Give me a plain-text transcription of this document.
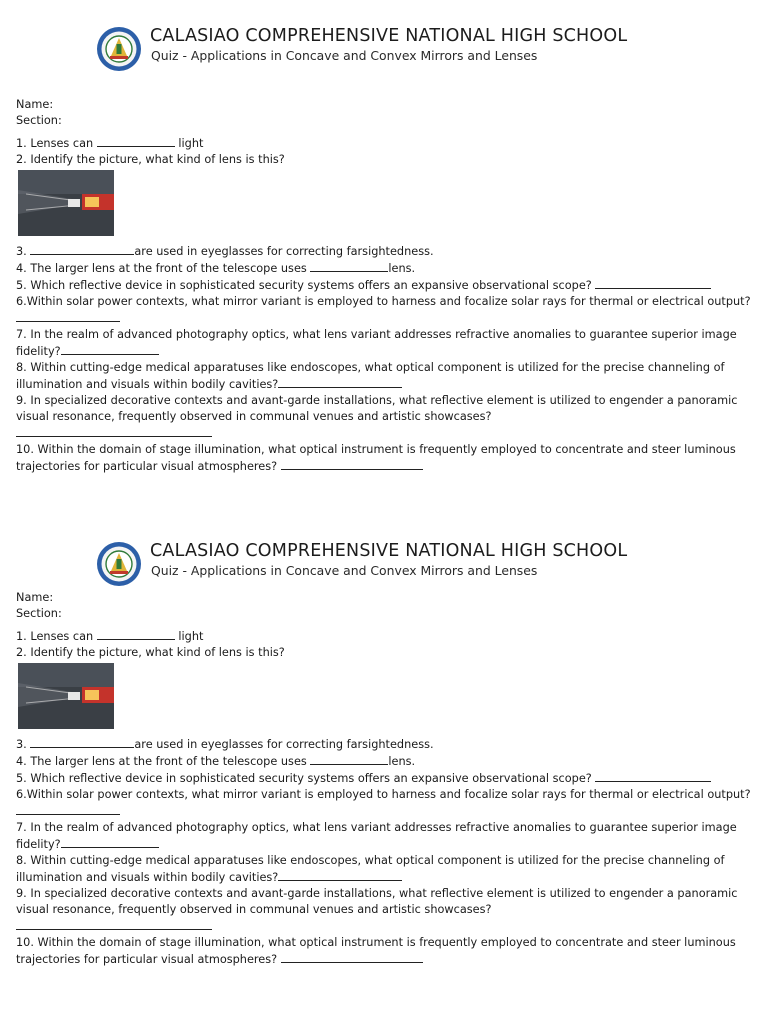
CALASIAO COMPREHENSIVE NATIONAL HIGH SCHOOL
Quiz - Applications in Concave and Convex Mirrors and Lenses
Name:
Section:
1. Lenses can	light
2. Identify the picture, what kind of lens is this?
3.	are used in eyeglasses for correcting farsightedness.
4. The larger lens at the front of the telescope uses	lens.
5. Which reflective device in sophisticated security systems offers an expansive observational scope?
6.Within solar power contexts, what mirror variant is employed to harness and focalize solar rays for thermal or electrical output?
7. In the realm of advanced photography optics, what lens variant addresses refractive anomalies to guarantee superior image fidelity?
8. Within cutting-edge medical apparatuses like endoscopes, what optical component is utilized for the precise channeling of illumination and visuals within bodily cavities?
9. In specialized decorative contexts and avant-garde installations, what reflective element is utilized to engender a panoramic visual resonance, frequently observed in communal venues and artistic showcases?

10. Within the domain of stage illumination, what optical instrument is frequently employed to concentrate and steer luminous trajectories for particular visual atmospheres?
CALASIAO COMPREHENSIVE NATIONAL HIGH SCHOOL
Quiz - Applications in Concave and Convex Mirrors and Lenses
Name:
Section:
1. Lenses can	light
2. Identify the picture, what kind of lens is this?
3.	are used in eyeglasses for correcting farsightedness.
4. The larger lens at the front of the telescope uses	lens.
5. Which reflective device in sophisticated security systems offers an expansive observational scope?
6.Within solar power contexts, what mirror variant is employed to harness and focalize solar rays for thermal or electrical output?
7. In the realm of advanced photography optics, what lens variant addresses refractive anomalies to guarantee superior image fidelity?
8. Within cutting-edge medical apparatuses like endoscopes, what optical component is utilized for the precise channeling of illumination and visuals within bodily cavities?
9. In specialized decorative contexts and avant-garde installations, what reflective element is utilized to engender a panoramic visual resonance, frequently observed in communal venues and artistic showcases?

10. Within the domain of stage illumination, what optical instrument is frequently employed to concentrate and steer luminous trajectories for particular visual atmospheres?
